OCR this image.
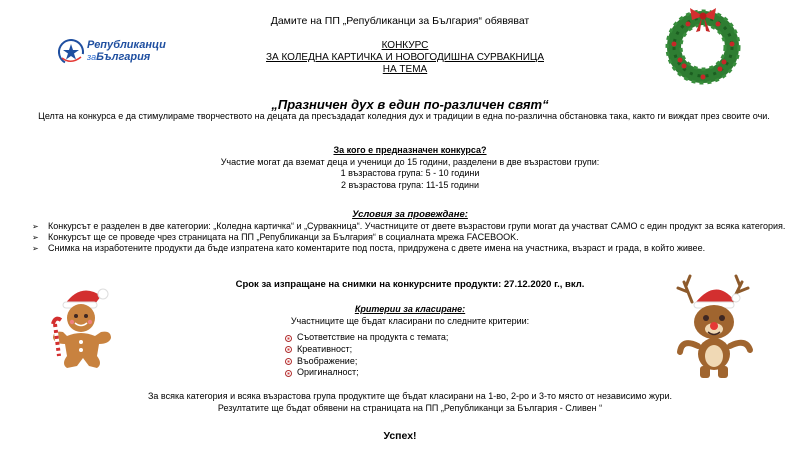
Дамите на ПП „Републиканци за България“ обявяват
Републиканци
заБългария
КОНКУРС
ЗА КОЛЕДНА КАРТИЧКА И НОВОГОДИШНА СУРВАКНИЦА
НА ТЕМА
„Празничен дух в един по-различен свят“

Целта на конкурса е да стимулираме творчеството на децата да пресъздадат коледния дух и традиции в една по-различна обстановка така, както ги виждат през своите очи.

За кого е предназначен конкурса?
Участие могат да вземат деца и ученици до 15 години, разделени в две възрастови групи:
1 възрастова група: 5 - 10 години
2 възрастова група: 11-15 години
Условия за провеждане:
➢ Конкурсът е разделен в две категории: „Коледна картичка“ и „Сурвакница“. Участниците от двете възрастови групи могат да участват САМО с един продукт за всяка категория.
➢ Конкурсът ще се проведе чрез страницата на ПП „Републиканци за България“ в социалната мрежа FACEBOOK.
➢ Снимка на изработените продукти да бъде изпратена като коментарите под поста, придружена с двете имена на участника, възраст и града, в който живее.
Срок за изпращане на снимки на конкурсните продукти: 27.12.2020 г., вкл.
Критерии за класиране:
Участниците ще бъдат класирани по следните критерии:
Съответствие на продукта с темата;
Креативност;
Въображение;
Оригиналност;
За всяка категория и всяка възрастова група продуктите ще бъдат класирани на 1-во, 2-ро и 3-то място от независимо жури.
Резултатите ще бъдат обявени на страницата на ПП „Републиканци за България - Сливен “
Успех!
